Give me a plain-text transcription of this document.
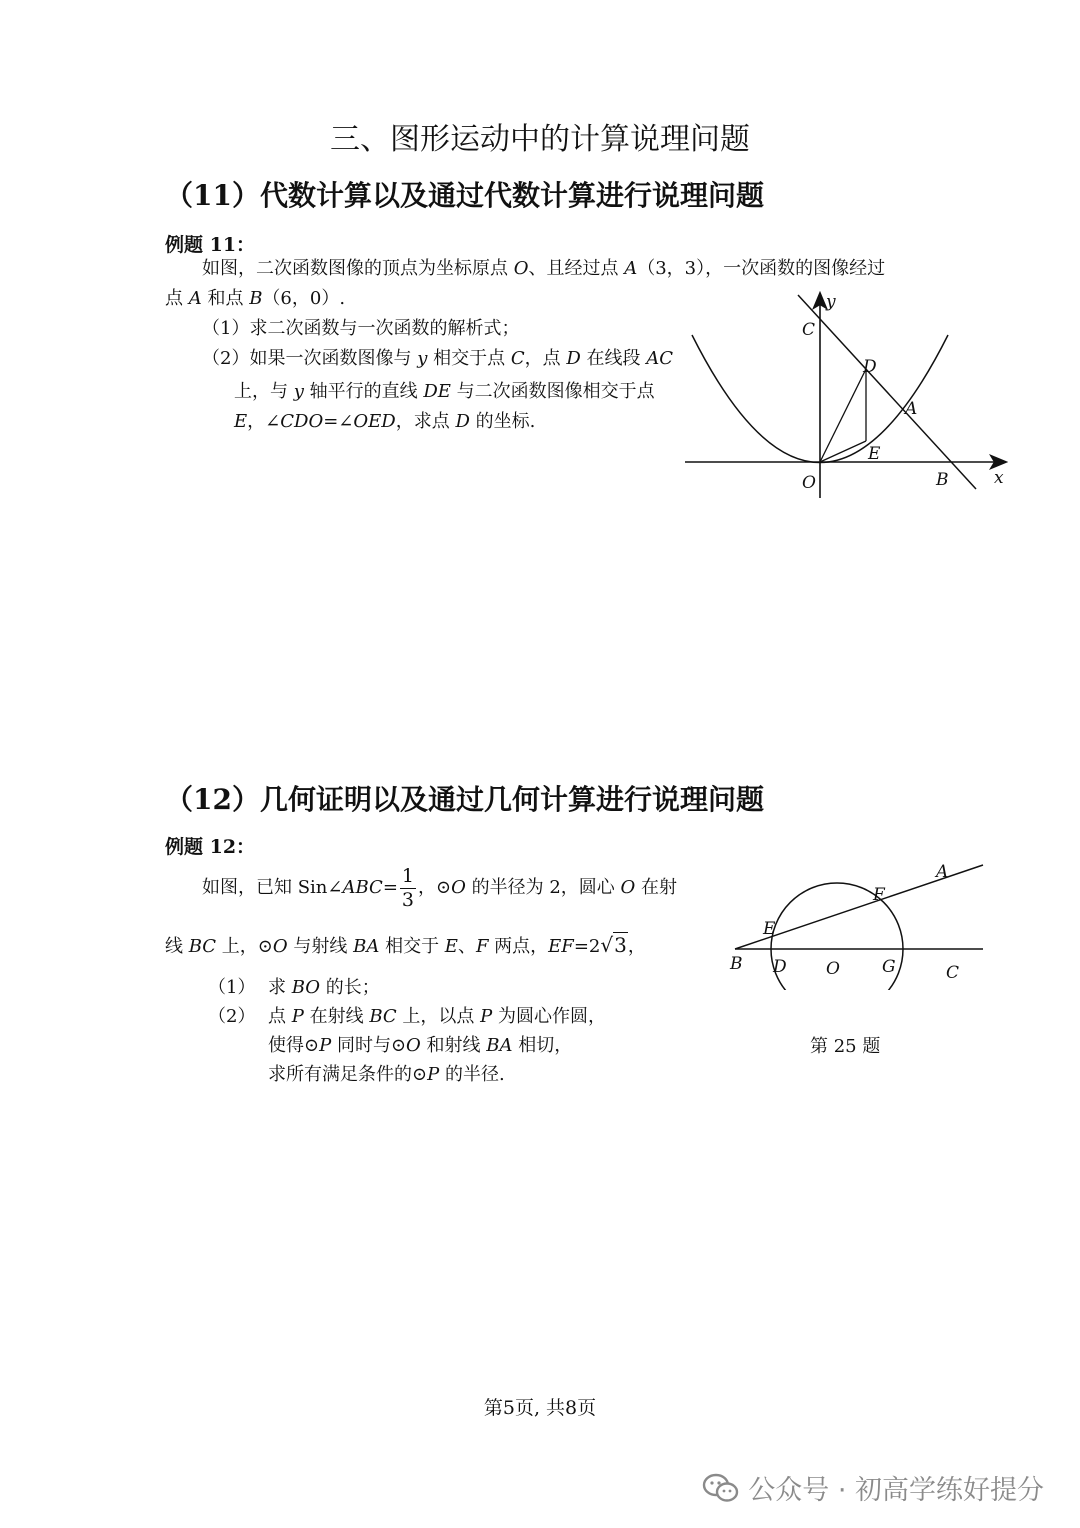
三、图形运动中的计算说理问题
（11）代数计算以及通过代数计算进行说理问题
例题 11：
如图，二次函数图像的顶点为坐标原点 O、且经过点 A（3，3），一次函数的图像经过
点 A 和点 B（6，0）.
（1）求二次函数与一次函数的解析式；
（2）如果一次函数图像与 y 相交于点 C，点 D 在线段 AC
上，与 y 轴平行的直线 DE 与二次函数图像相交于点
E，∠CDO=∠OED，求点 D 的坐标.
y
C
D
A
E
O	B	x
（12）几何证明以及通过几何计算进行说理问题
例题 12：
如图，已知 Sin∠ABC= $\frac{1}{3}$ ，⊙O 的半径为 2，圆心 O 在射
线 BC 上，⊙O 与射线 BA 相交于 E、F 两点，EF=2√3，
（1） 求 BO 的长；
（2） 点 P 在射线 BC 上，以点 P 为圆心作圆，
使得⊙P 同时与⊙O 和射线 BA 相切，
求所有满足条件的⊙P 的半径.
A
F
E
B D O G	C
第 25 题
第5页, 共8页
公众号 · 初高学练好提分
